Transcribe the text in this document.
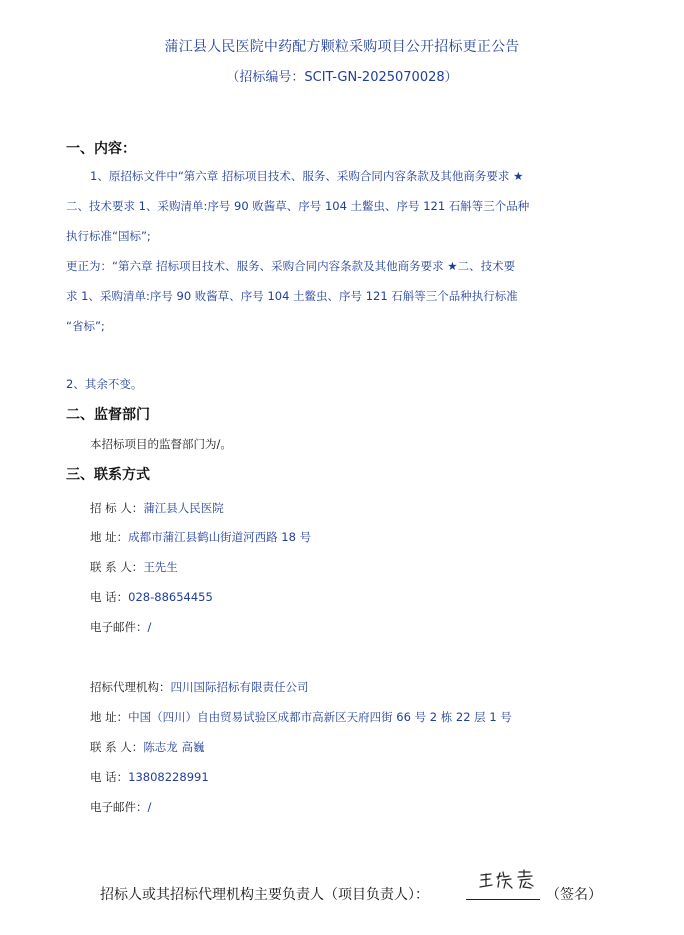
蒲江县人民医院中药配方颗粒采购项目公开招标更正公告
（招标编号：SCIT-GN-2025070028）
一、内容：
1、原招标文件中“第六章 招标项目技术、服务、采购合同内容条款及其他商务要求 ★
二、技术要求 1、采购清单:序号 90 败酱草、序号 104 土鳖虫、序号 121 石斛等三个品种
执行标准“国标”;
更正为：“第六章 招标项目技术、服务、采购合同内容条款及其他商务要求 ★二、技术要
求 1、采购清单:序号 90 败酱草、序号 104 土鳖虫、序号 121 石斛等三个品种执行标准
“省标”;
2、其余不变。
二、监督部门
本招标项目的监督部门为/。
三、联系方式
招 标 人：蒲江县人民医院
地 址：成都市蒲江县鹤山街道河西路 18 号
联 系 人：王先生
电 话：028-88654455
电子邮件：/
招标代理机构：四川国际招标有限责任公司
地 址：中国（四川）自由贸易试验区成都市高新区天府四街 66 号 2 栋 22 层 1 号
联 系 人：陈志龙 高巍
电 话：13808228991
电子邮件：/
招标人或其招标代理机构主要负责人（项目负责人）：	（签名）
